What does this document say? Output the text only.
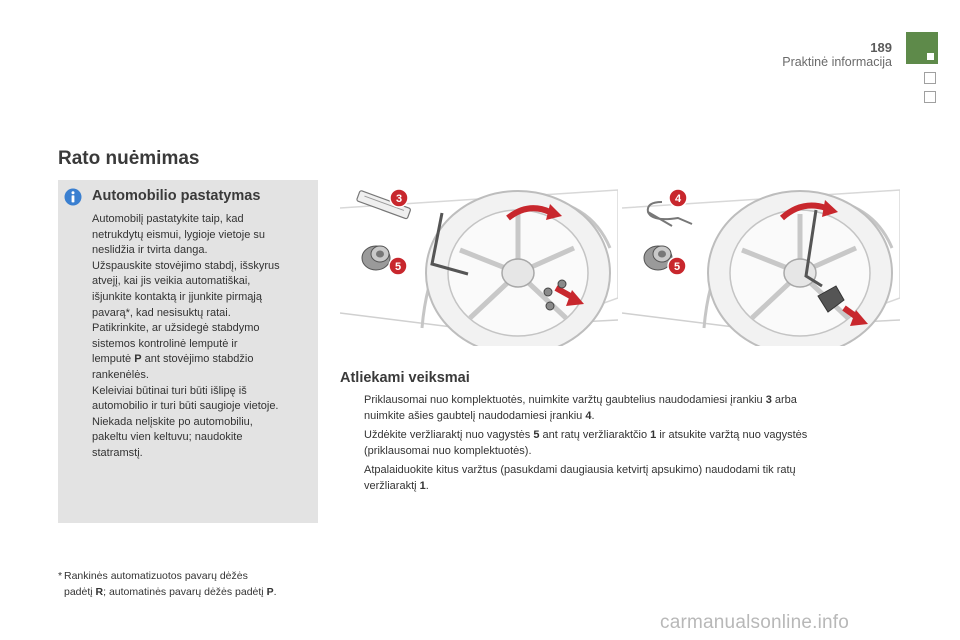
189
Praktinė informacija
Rato nuėmimas
Automobilio pastatymas
Automobilį pastatykite taip, kad
netrukdytų eismui, lygioje vietoje su
neslidžia ir tvirta danga.
Užspauskite stovėjimo stabdį, išskyrus
atvejį, kai jis veikia automatiškai,
išjunkite kontaktą ir įjunkite pirmąją
pavarą*, kad nesisuktų ratai.
Patikrinkite, ar užsidegė stabdymo
sistemos kontrolinė lemputė ir
lemputė P ant stovėjimo stabdžio
rankenėlės.
Keleiviai būtinai turi būti išlipę iš
automobilio ir turi būti saugioje vietoje.
Niekada nelįskite po automobiliu,
pakeltu vien keltuvu; naudokite
statramstį.
* Rankinės automatizuotos pavarų dėžės
padėtį R; automatinės pavarų dėžės padėtį P.
3
5
4
5
Atliekami veiksmai
Priklausomai nuo komplektuotės, nuimkite varžtų gaubtelius naudodamiesi įrankiu 3 arba
nuimkite ašies gaubtelį naudodamiesi įrankiu 4.
Uždėkite veržliaraktį nuo vagystės 5 ant ratų veržliaraktčio 1 ir atsukite varžtą nuo vagystės
(priklausomai nuo komplektuotės).
Atpalaiduokite kitus varžtus (pasukdami daugiausia ketvirtį apsukimo) naudodami tik ratų
veržliaraktį 1.
carmanualsonline.info
